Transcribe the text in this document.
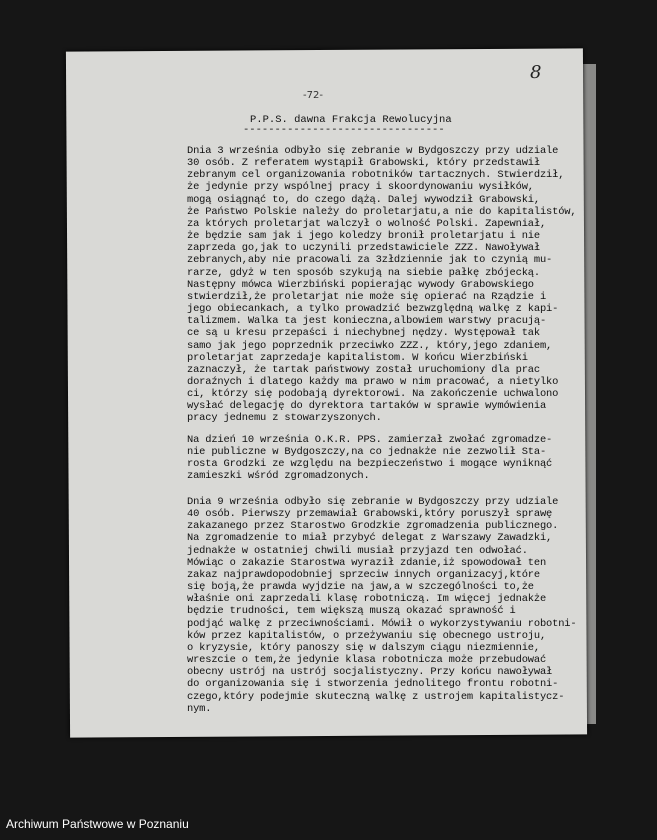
8
-72-
P.P.S. dawna Frakcja Rewolucyjna
--------------------------------
Dnia 3 września odbyło się zebranie w Bydgoszczy przy udziale
30 osób. Z referatem wystąpił Grabowski, który przedstawił
zebranym cel organizowania robotników tartacznych. Stwierdził,
że jedynie przy wspólnej pracy i skoordynowaniu wysiłków,
mogą osiągnąć to, do czego dążą. Dalej wywodził Grabowski,
że Państwo Polskie należy do proletarjatu,a nie do kapitalistów,
za których proletarjat walczył o wolność Polski. Zapewniał,
że będzie sam jak i jego koledzy bronił proletarjatu i nie
zaprzeda go,jak to uczynili przedstawiciele ZZZ. Nawoływał
zebranych,aby nie pracowali za 3złdziennie jak to czynią mu-
rarze, gdyż w ten sposób szykują na siebie pałkę zbójecką.
Następny mówca Wierzbiński popierając wywody Grabowskiego
stwierdził,że proletarjat nie może się opierać na Rządzie i
jego obiecankach, a tylko prowadzić bezwzględną walkę z kapi-
talizmem. Walka ta jest konieczna,albowiem warstwy pracują-
ce są u kresu przepaści i niechybnej nędzy. Występował tak
samo jak jego poprzednik przeciwko ZZZ., który,jego zdaniem,
proletarjat zaprzedaje kapitalistom. W końcu Wierzbiński
zaznaczył, że tartak państwowy został uruchomiony dla prac
doraźnych i dlatego każdy ma prawo w nim pracować, a nietylko
ci, którzy się podobają dyrektorowi. Na zakończenie uchwalono
wysłać delegację do dyrektora tartaków w sprawie wymówienia
pracy jednemu z stowarzyszonych.
Na dzień 10 września O.K.R. PPS. zamierzał zwołać zgromadze-
nie publiczne w Bydgoszczy,na co jednakże nie zezwolił Sta-
rosta Grodzki ze względu na bezpieczeństwo i mogące wyniknąć
zamieszki wśród zgromadzonych.
Dnia 9 września odbyło się zebranie w Bydgoszczy przy udziale
40 osób. Pierwszy przemawiał Grabowski,który poruszył sprawę
zakazanego przez Starostwo Grodzkie zgromadzenia publicznego.
Na zgromadzenie to miał przybyć delegat z Warszawy Zawadzki,
jednakże w ostatniej chwili musiał przyjazd ten odwołać.
Mówiąc o zakazie Starostwa wyraził zdanie,iż spowodował ten
zakaz najprawdopodobniej sprzeciw innych organizacyj,które
się boją,że prawda wyjdzie na jaw,a w szczególności to,że
właśnie oni zaprzedali klasę robotniczą. Im więcej jednakże
będzie trudności, tem większą muszą okazać sprawność i
podjąć walkę z przeciwnościami. Mówił o wykorzystywaniu robotni-
ków przez kapitalistów, o przeżywaniu się obecnego ustroju,
o kryzysie, który panoszy się w dalszym ciągu niezmiennie,
wreszcie o tem,że jedynie klasa robotnicza może przebudować
obecny ustrój na ustrój socjalistyczny. Przy końcu nawoływał
do organizowania się i stworzenia jednolitego frontu robotni-
czego,który podejmie skuteczną walkę z ustrojem kapitalistycz-
nym.
Archiwum Państwowe w Poznaniu
